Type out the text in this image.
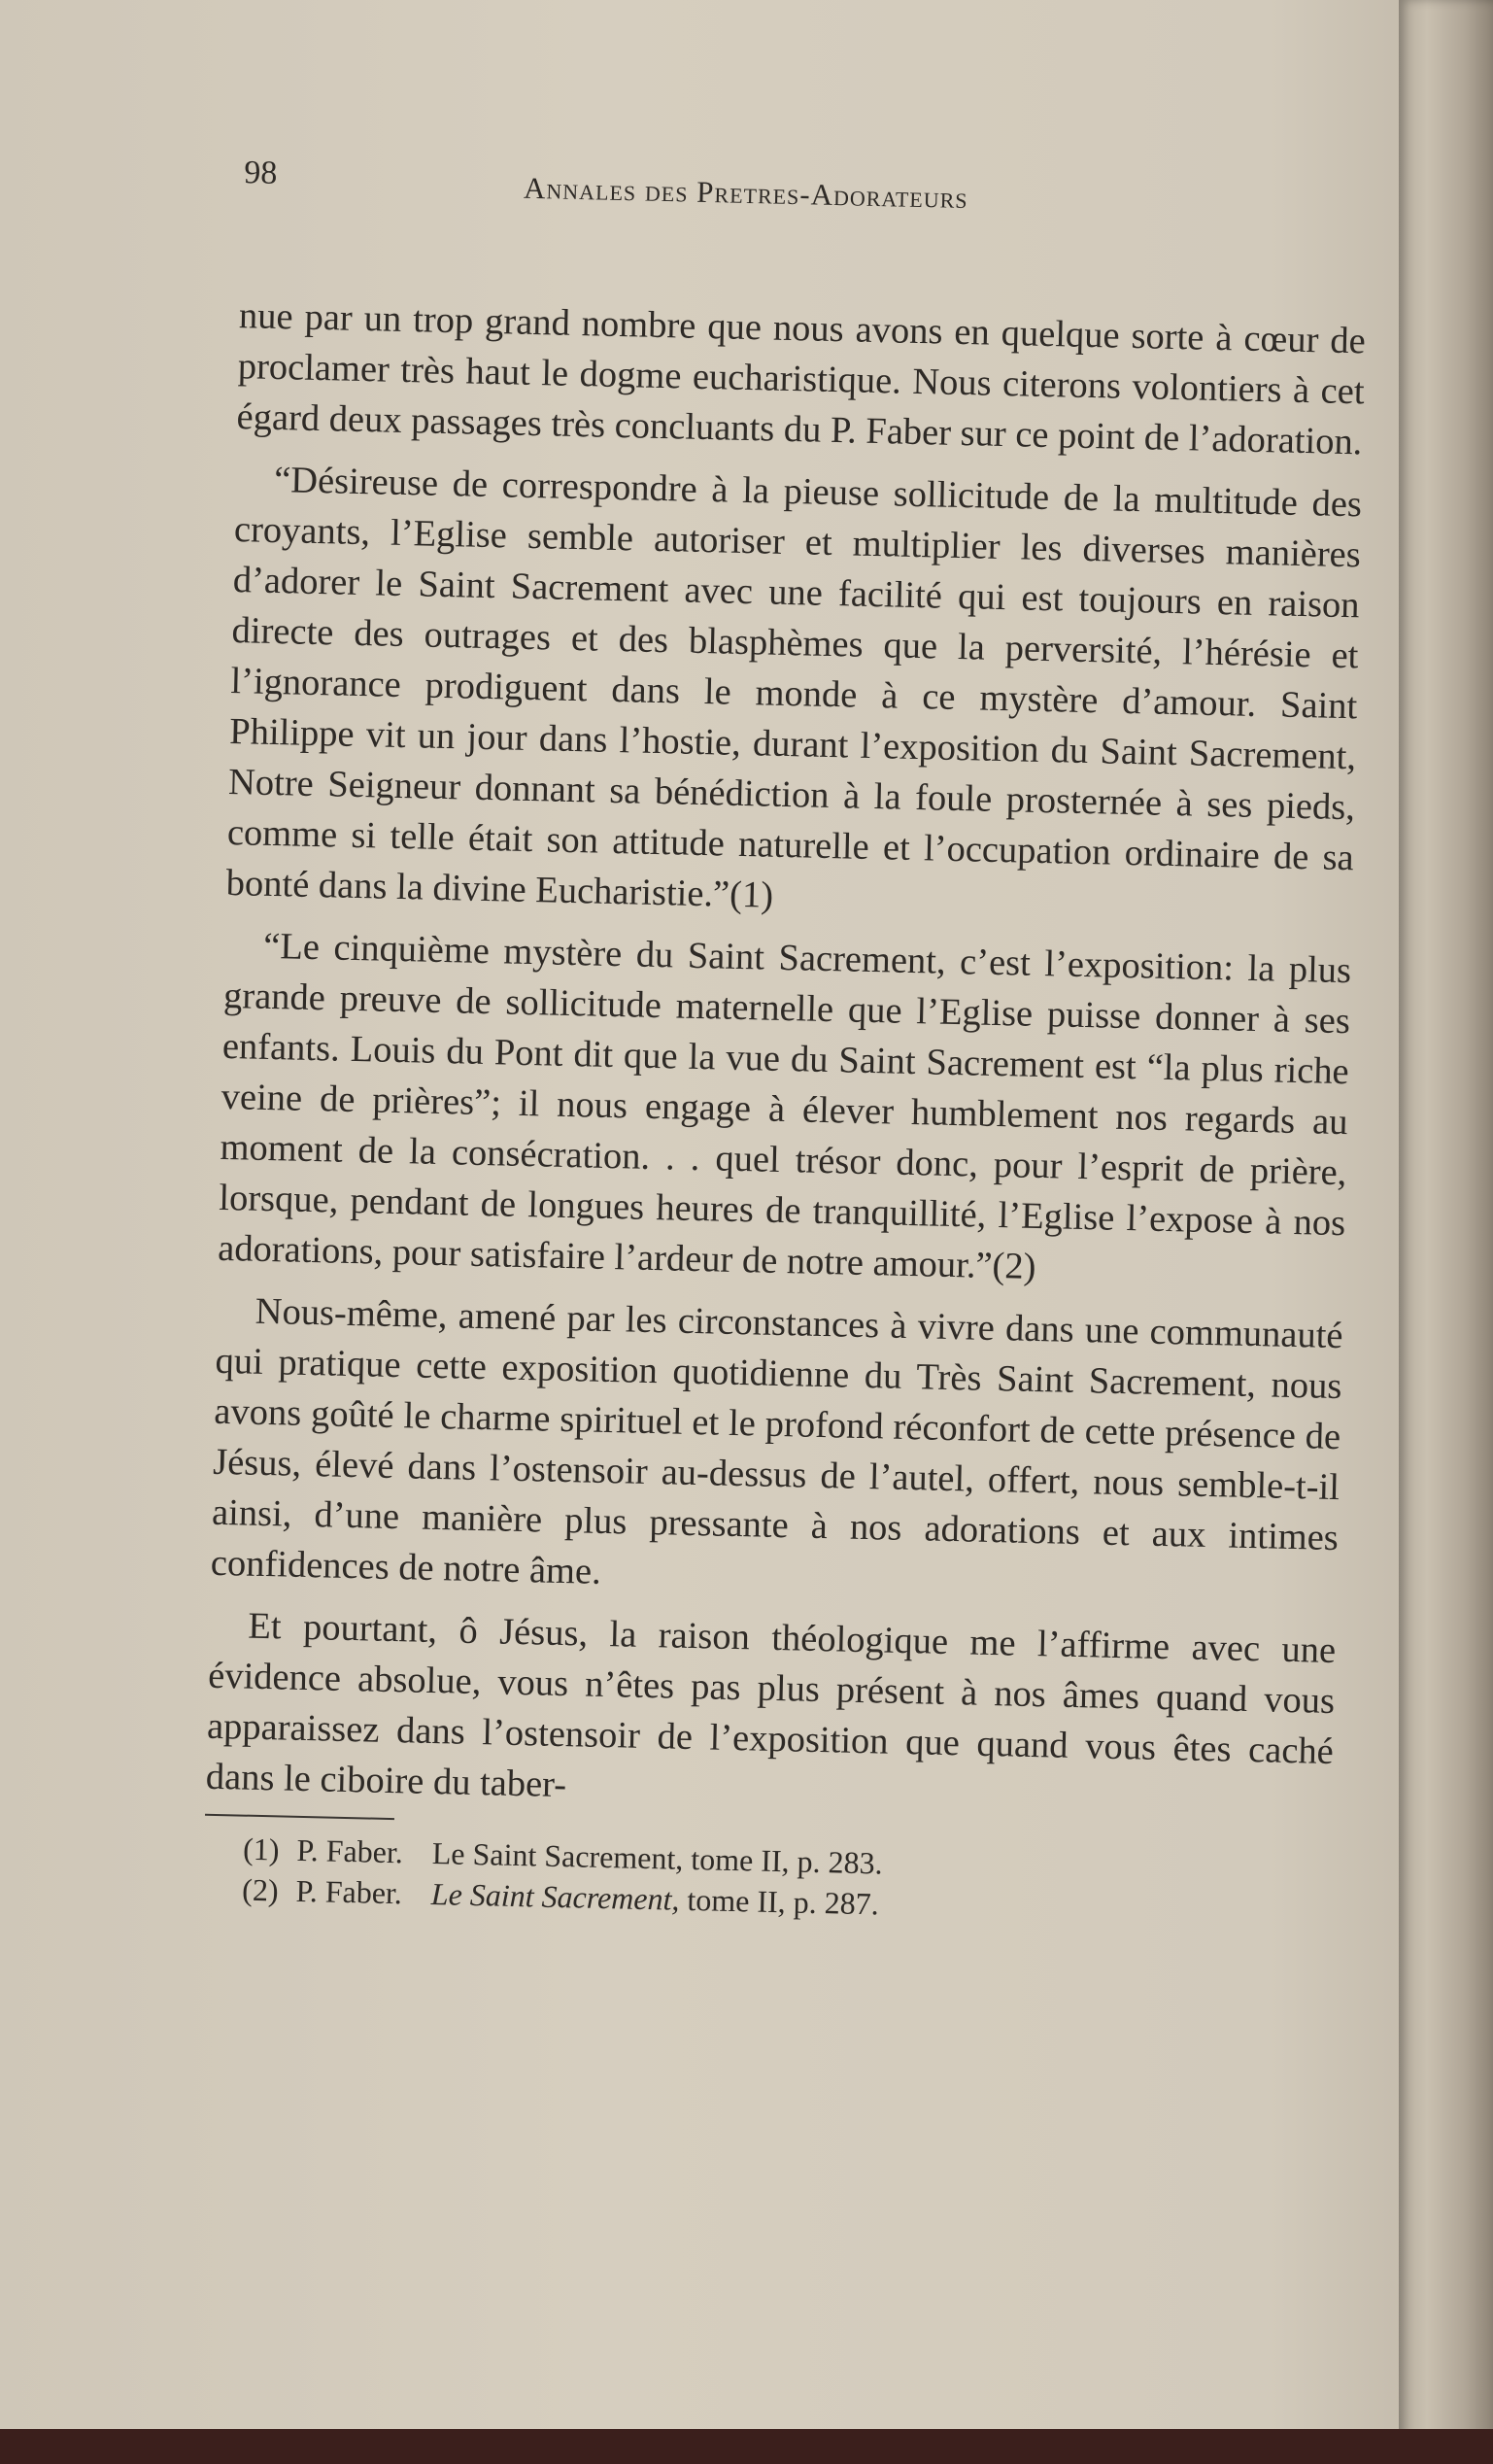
98	Annales des Pretres-Adorateurs

nue par un trop grand nombre que nous avons en quelque sorte à cœur de proclamer très haut le dogme eucharistique. Nous citerons volontiers à cet égard deux passages très concluants du P. Faber sur ce point de l’adoration.

“Désireuse de correspondre à la pieuse sollicitude de la multitude des croyants, l’Eglise semble autoriser et multiplier les diverses manières d’adorer le Saint Sacrement avec une facilité qui est toujours en raison directe des outrages et des blasphèmes que la perversité, l’hérésie et l’ignorance prodiguent dans le monde à ce mystère d’amour. Saint Philippe vit un jour dans l’hostie, durant l’exposition du Saint Sacrement, Notre Seigneur donnant sa bénédiction à la foule prosternée à ses pieds, comme si telle était son attitude naturelle et l’occupation ordinaire de sa bonté dans la divine Eucharistie.”(1)

“Le cinquième mystère du Saint Sacrement, c’est l’exposition: la plus grande preuve de sollicitude maternelle que l’Eglise puisse donner à ses enfants. Louis du Pont dit que la vue du Saint Sacrement est “la plus riche veine de prières”; il nous engage à élever humblement nos regards au moment de la consécration. . . quel trésor donc, pour l’esprit de prière, lorsque, pendant de longues heures de tranquillité, l’Eglise l’expose à nos adorations, pour satisfaire l’ardeur de notre amour.”(2)

Nous-même, amené par les circonstances à vivre dans une communauté qui pratique cette exposition quotidienne du Très Saint Sacrement, nous avons goûté le charme spirituel et le profond réconfort de cette présence de Jésus, élevé dans l’ostensoir au-dessus de l’autel, offert, nous semble-t-il ainsi, d’une manière plus pressante à nos adorations et aux intimes confidences de notre âme.

Et pourtant, ô Jésus, la raison théologique me l’affirme avec une évidence absolue, vous n’êtes pas plus présent à nos âmes quand vous apparaissez dans l’ostensoir de l’exposition que quand vous êtes caché dans le ciboire du taber-

(1) P. Faber. Le Saint Sacrement, tome II, p. 283.
(2) P. Faber. Le Saint Sacrement, tome II, p. 287.
